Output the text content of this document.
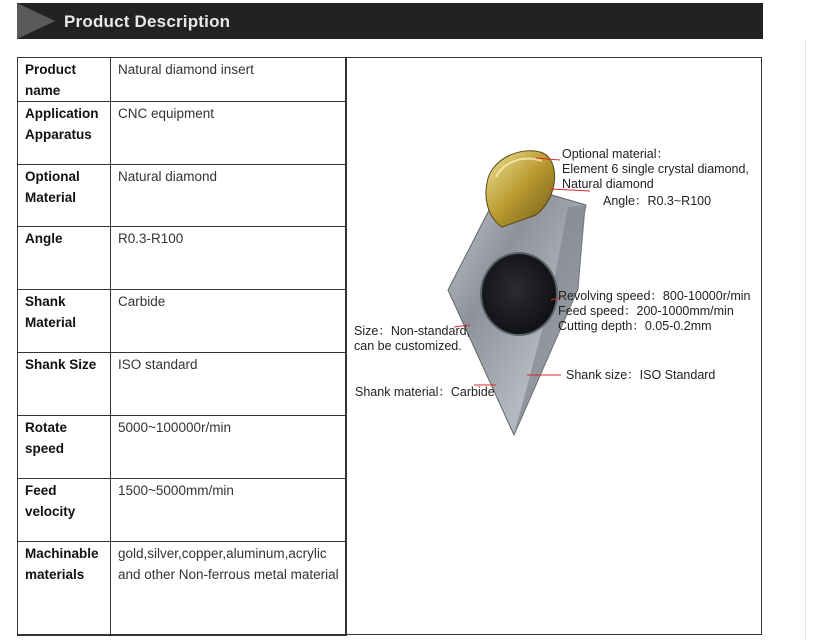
Product Description
Product name	Natural diamond insert
Application Apparatus	CNC equipment
Optional Material	Natural diamond
Angle	R0.3-R100
Shank Material	Carbide
Shank Size	ISO standard
Rotate speed	5000~100000r/min
Feed velocity	1500~5000mm/min
Machinable materials	gold,silver,copper,aluminum,acrylic and other Non-ferrous metal material
Optional material：
Element 6 single crystal diamond,
Natural diamond
Angle：R0.3~R100
Revolving speed：800-10000r/min
Feed speed：200-1000mm/min
Cutting depth：0.05-0.2mm
Size：Non-standard,
can be customized.
Shank size：ISO Standard
Shank material：Carbide
